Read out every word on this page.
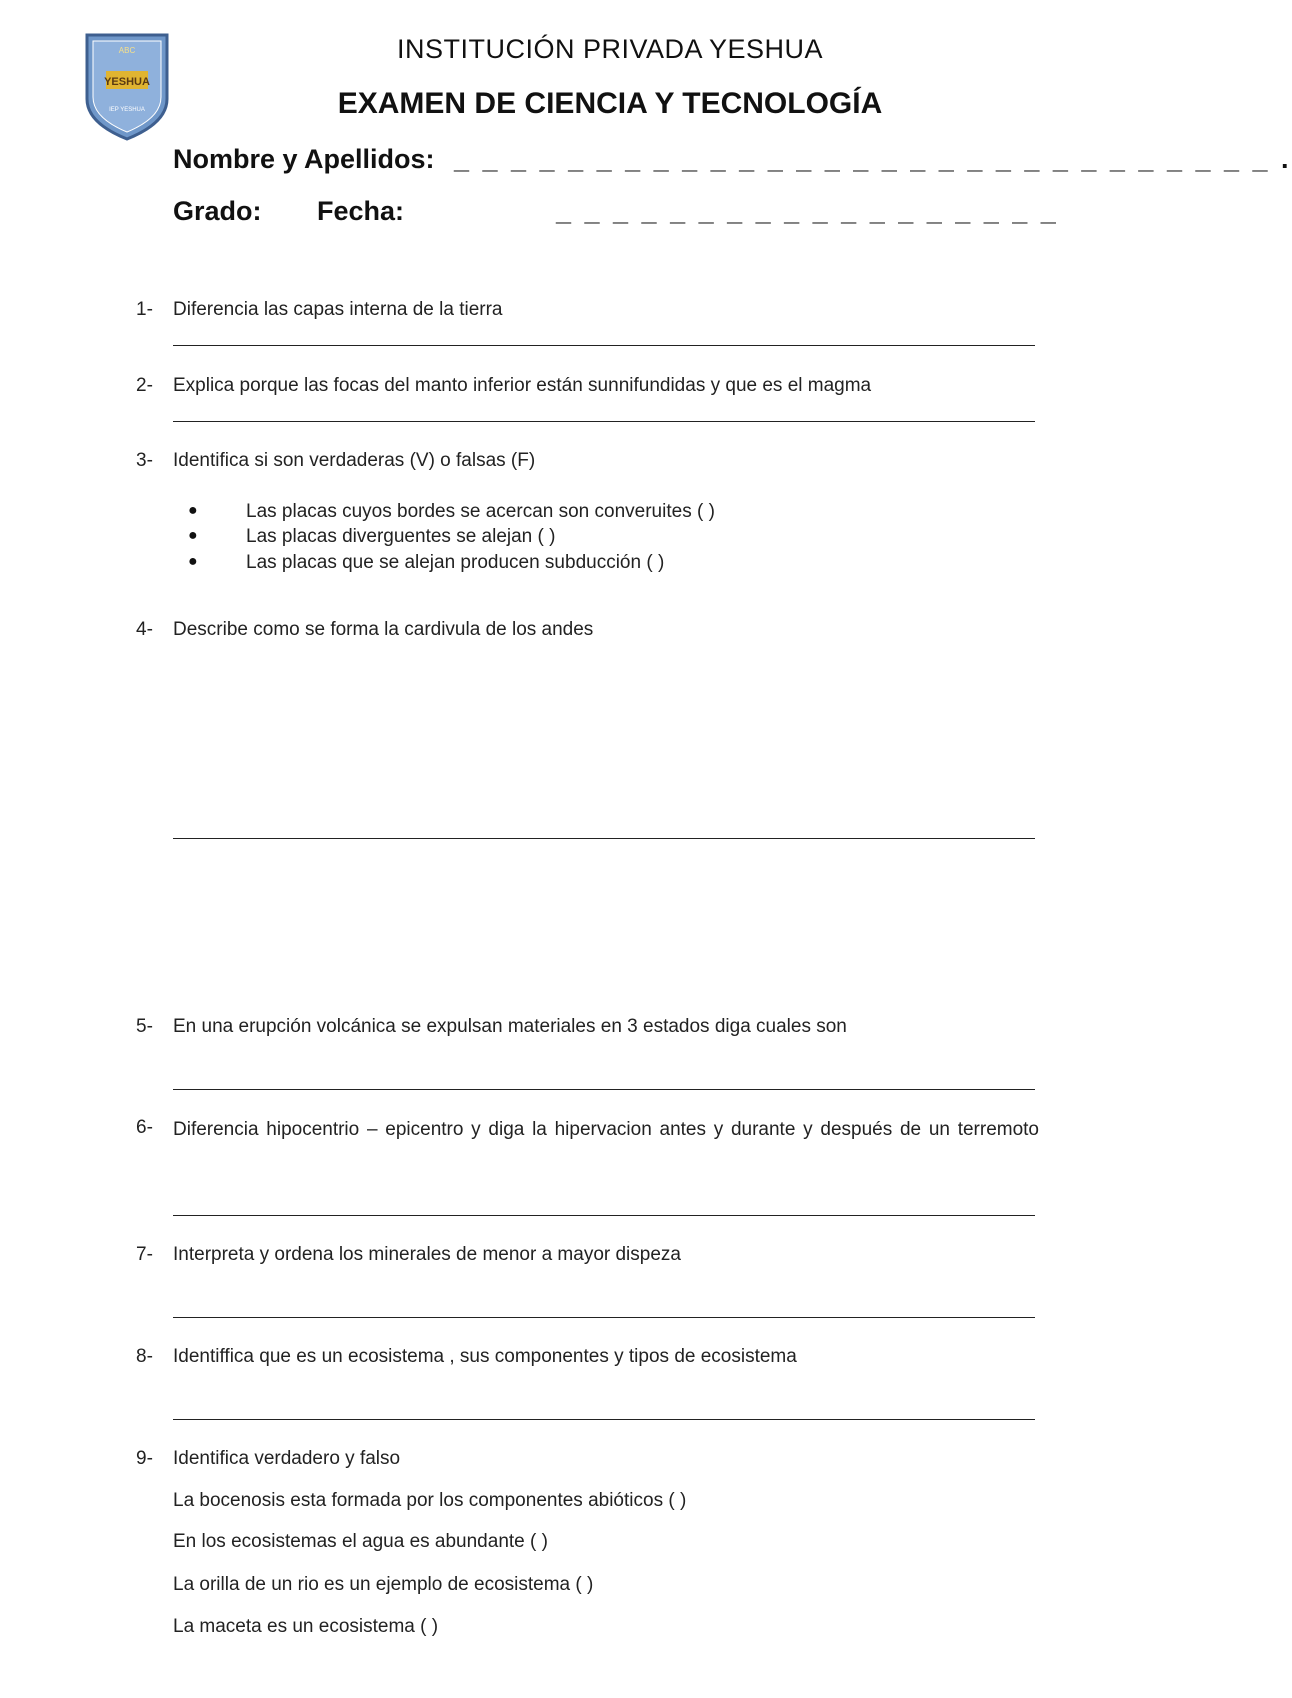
ABC
YESHUA
IEP YESHUA
INSTITUCIÓN PRIVADA YESHUA
EXAMEN DE CIENCIA Y TECNOLOGÍA
Nombre y Apellidos: _ _ _ _ _ _ _ _ _ _ _ _ _ _ _ _ _ _ _ _ _ _ _ _ _ _ _ _ _ .
Grado: Fecha:	_ _ _ _ _ _ _ _ _ _ _ _ _ _ _ _ _ _
1- Diferencia las capas interna de la tierra
2- Explica porque las focas del manto inferior están sunnifundidas y que es el magma
3- Identifica si son verdaderas (V) o falsas (F)
●	Las placas cuyos bordes se acercan son converuites ( )
●	Las placas diverguentes se alejan ( )
●	Las placas que se alejan producen subducción ( )
4- Describe como se forma la cardivula de los andes
5- En una erupción volcánica se expulsan materiales en 3 estados diga cuales son
6- Diferencia hipocentrio – epicentro y diga la hipervacion antes y durante y después de un terremoto
7- Interpreta y ordena los minerales de menor a mayor dispeza
8- Identiffica que es un ecosistema , sus componentes y tipos de ecosistema
9- Identifica verdadero y falso
La bocenosis esta formada por los componentes abióticos ( )
En los ecosistemas el agua es abundante ( )
La orilla de un rio es un ejemplo de ecosistema ( )
La maceta es un ecosistema ( )
